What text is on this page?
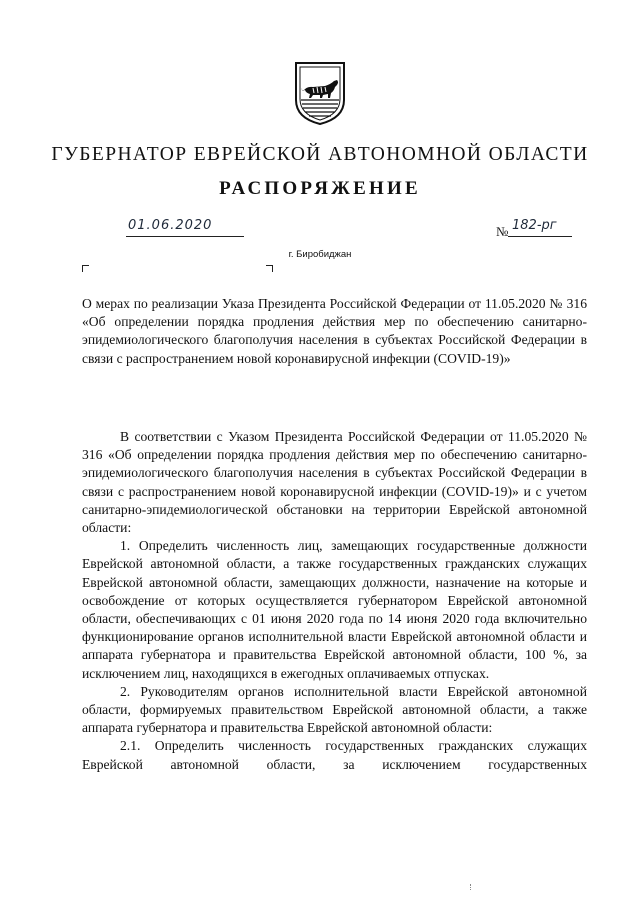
ГУБЕРНАТОР ЕВРЕЙСКОЙ АВТОНОМНОЙ ОБЛАСТИ
РАСПОРЯЖЕНИЕ
01.06.2020	№ 182-рг
г. Биробиджан
О мерах по реализации Указа Президента Российской Федерации от 11.05.2020 № 316 «Об определении порядка продления действия мер по обеспечению санитарно-эпидемиологического благополучия населения в субъектах Российской Федерации в связи с распространением новой коронавирусной инфекции (COVID-19)»

В соответствии с Указом Президента Российской Федерации от 11.05.2020 № 316 «Об определении порядка продления действия мер по обеспечению санитарно-эпидемиологического благополучия населения в субъектах Российской Федерации в связи с распространением новой коронавирусной инфекции (COVID-19)» и с учетом санитарно-эпидемиологической обстановки на территории Еврейской автономной области:

1. Определить численность лиц, замещающих государственные должности Еврейской автономной области, а также государственных гражданских служащих Еврейской автономной области, замещающих должности, назначение на которые и освобождение от которых осуществляется губернатором Еврейской автономной области, обеспечивающих с 01 июня 2020 года по 14 июня 2020 года включительно функционирование органов исполнительной власти Еврейской автономной области и аппарата губернатора и правительства Еврейской автономной области, 100 %, за исключением лиц, находящихся в ежегодных оплачиваемых отпусках.

2. Руководителям органов исполнительной власти Еврейской автономной области, формируемых правительством Еврейской автономной области, а также аппарата губернатора и правительства Еврейской автономной области:

2.1. Определить численность государственных гражданских служащих Еврейской автономной области, за исключением государственных
